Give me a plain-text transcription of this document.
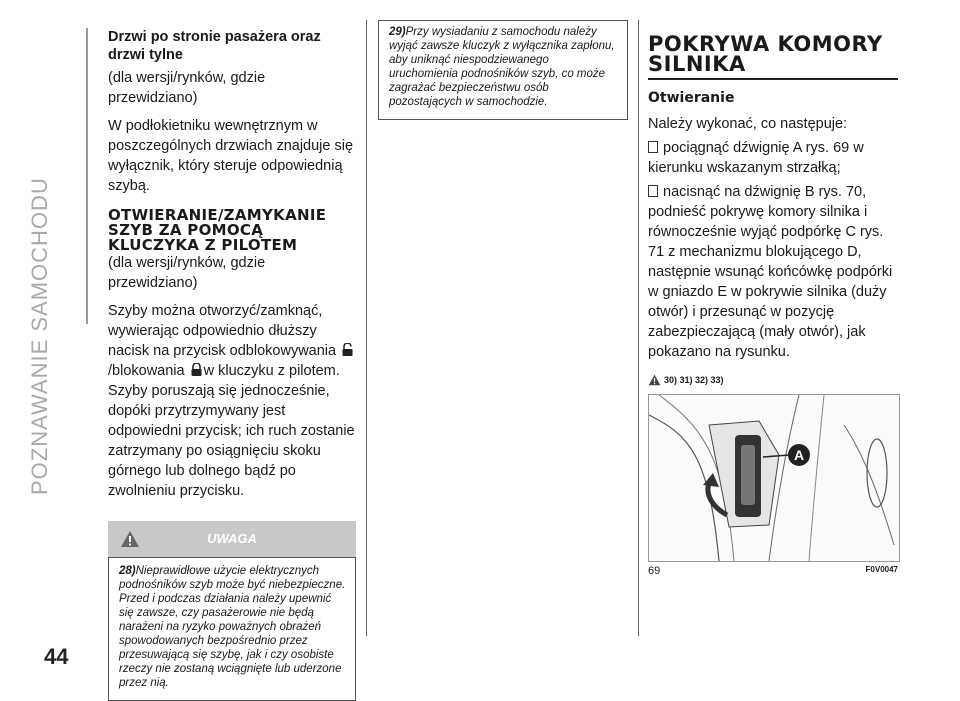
POZNAWANIE SAMOCHODU
44
Drzwi po stronie pasażera oraz drzwi tylne

(dla wersji/rynków, gdzie przewidziano)

W podłokietniku wewnętrznym w poszczególnych drzwiach znajduje się wyłącznik, który steruje odpowiednią szybą.

OTWIERANIE/ZAMYKANIE
SZYB ZA POMOCĄ
KLUCZYKA Z PILOTEM

(dla wersji/rynków, gdzie przewidziano)

Szyby można otworzyć/zamknąć, wywierając odpowiednio dłuższy nacisk na przycisk odblokowywania /blokowania w kluczyku z pilotem. Szyby poruszają się jednocześnie, dopóki przytrzymywany jest odpowiedni przycisk; ich ruch zostanie zatrzymany po osiągnięciu skoku górnego lub dolnego bądź po zwolnieniu przycisku.

UWAGA

28)Nieprawidłowe użycie elektrycznych podnośników szyb może być niebezpieczne. Przed i podczas działania należy upewnić się zawsze, czy pasażerowie nie będą narażeni na ryzyko poważnych obrażeń spowodowanych bezpośrednio przez przesuwającą się szybę, jak i czy osobiste rzeczy nie zostaną wciągnięte lub uderzone przez nią.

29)Przy wysiadaniu z samochodu należy wyjąć zawsze kluczyk z wyłącznika zapłonu, aby uniknąć niespodziewanego uruchomienia podnośników szyb, co może zagrażać bezpieczeństwu osób pozostających w samochodzie.

POKRYWA KOMORY
SILNIKA
Otwieranie

Należy wykonać, co następuje:

pociągnąć dźwignię A rys. 69 w kierunku wskazanym strzałką;

nacisnąć na dźwignię B rys. 70, podnieść pokrywę komory silnika i równocześnie wyjąć podpórkę C rys. 71 z mechanizmu blokującego D, następnie wsunąć końcówkę podpórki w gniazdo E w pokrywie silnika (duży otwór) i przesunąć w pozycję zabezpieczającą (mały otwór), jak pokazano na rysunku.

30) 31) 32) 33)
A
69	F0V0047
